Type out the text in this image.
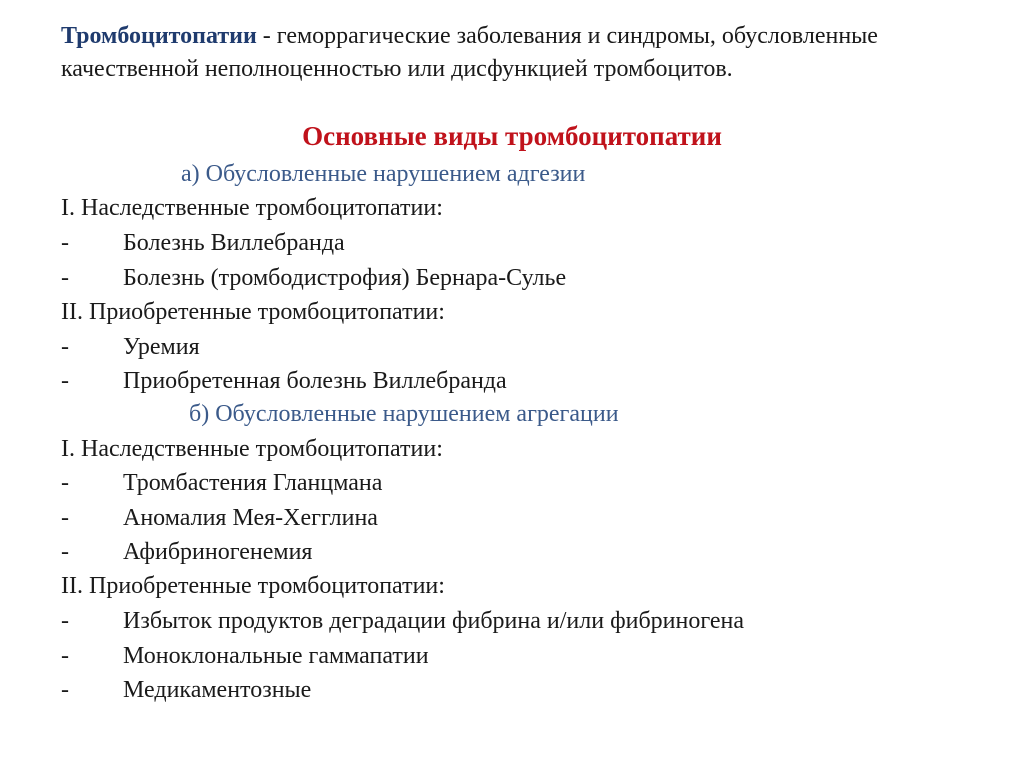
Тромбоцитопатии - геморрагические заболевания и синдромы, обусловленные качественной неполноценностью или дисфункцией тромбоцитов.
Основные виды тромбоцитопатии
а) Обусловленные нарушением адгезии
I. Наследственные тромбоцитопатии:
- Болезнь Виллебранда
- Болезнь (тромбодистрофия) Бернара-Сулье
II. Приобретенные тромбоцитопатии:
- Уремия
- Приобретенная болезнь Виллебранда
б) Обусловленные нарушением агрегации
I. Наследственные тромбоцитопатии:
- Тромбастения Гланцмана
- Аномалия Мея-Хегглина
- Афибриногенемия
II. Приобретенные тромбоцитопатии:
- Избыток продуктов деградации фибрина и/или фибриногена
- Моноклональные гаммапатии
- Медикаментозные
